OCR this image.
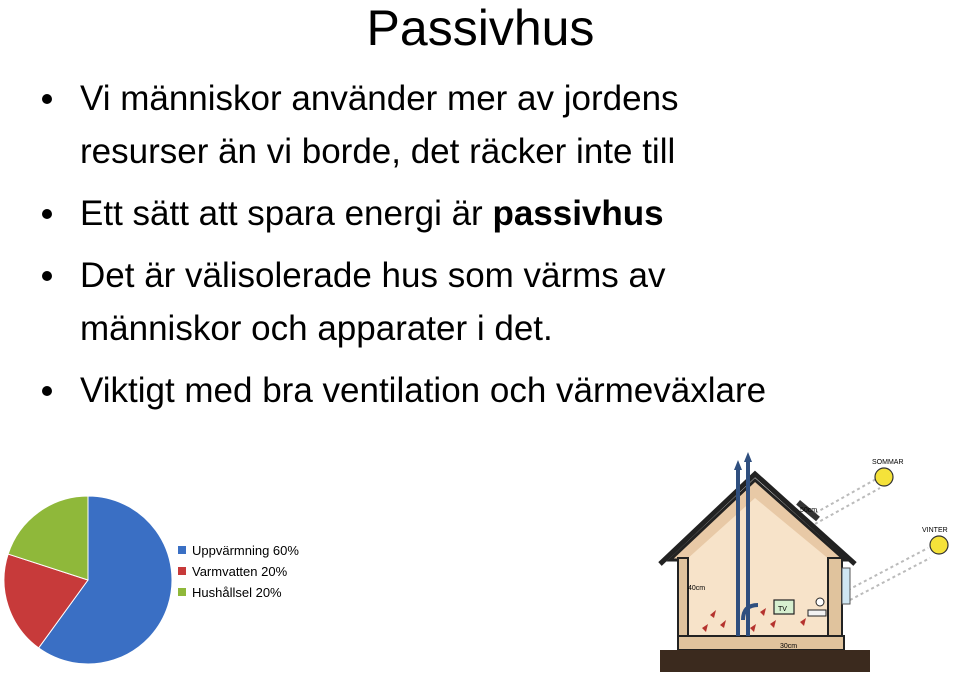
Passivhus
Vi människor använder mer av jordens
resurser än vi borde, det räcker inte till
Ett sätt att spara energi är passivhus
Det är välisolerade hus som värms av
människor och apparater i det.
Viktigt med bra ventilation och värmeväxlare
Uppvärmning 60%
Varmvatten 20%
Hushållsel 20%
SOMMAR
VINTER
TV
50cm
40cm
30cm
